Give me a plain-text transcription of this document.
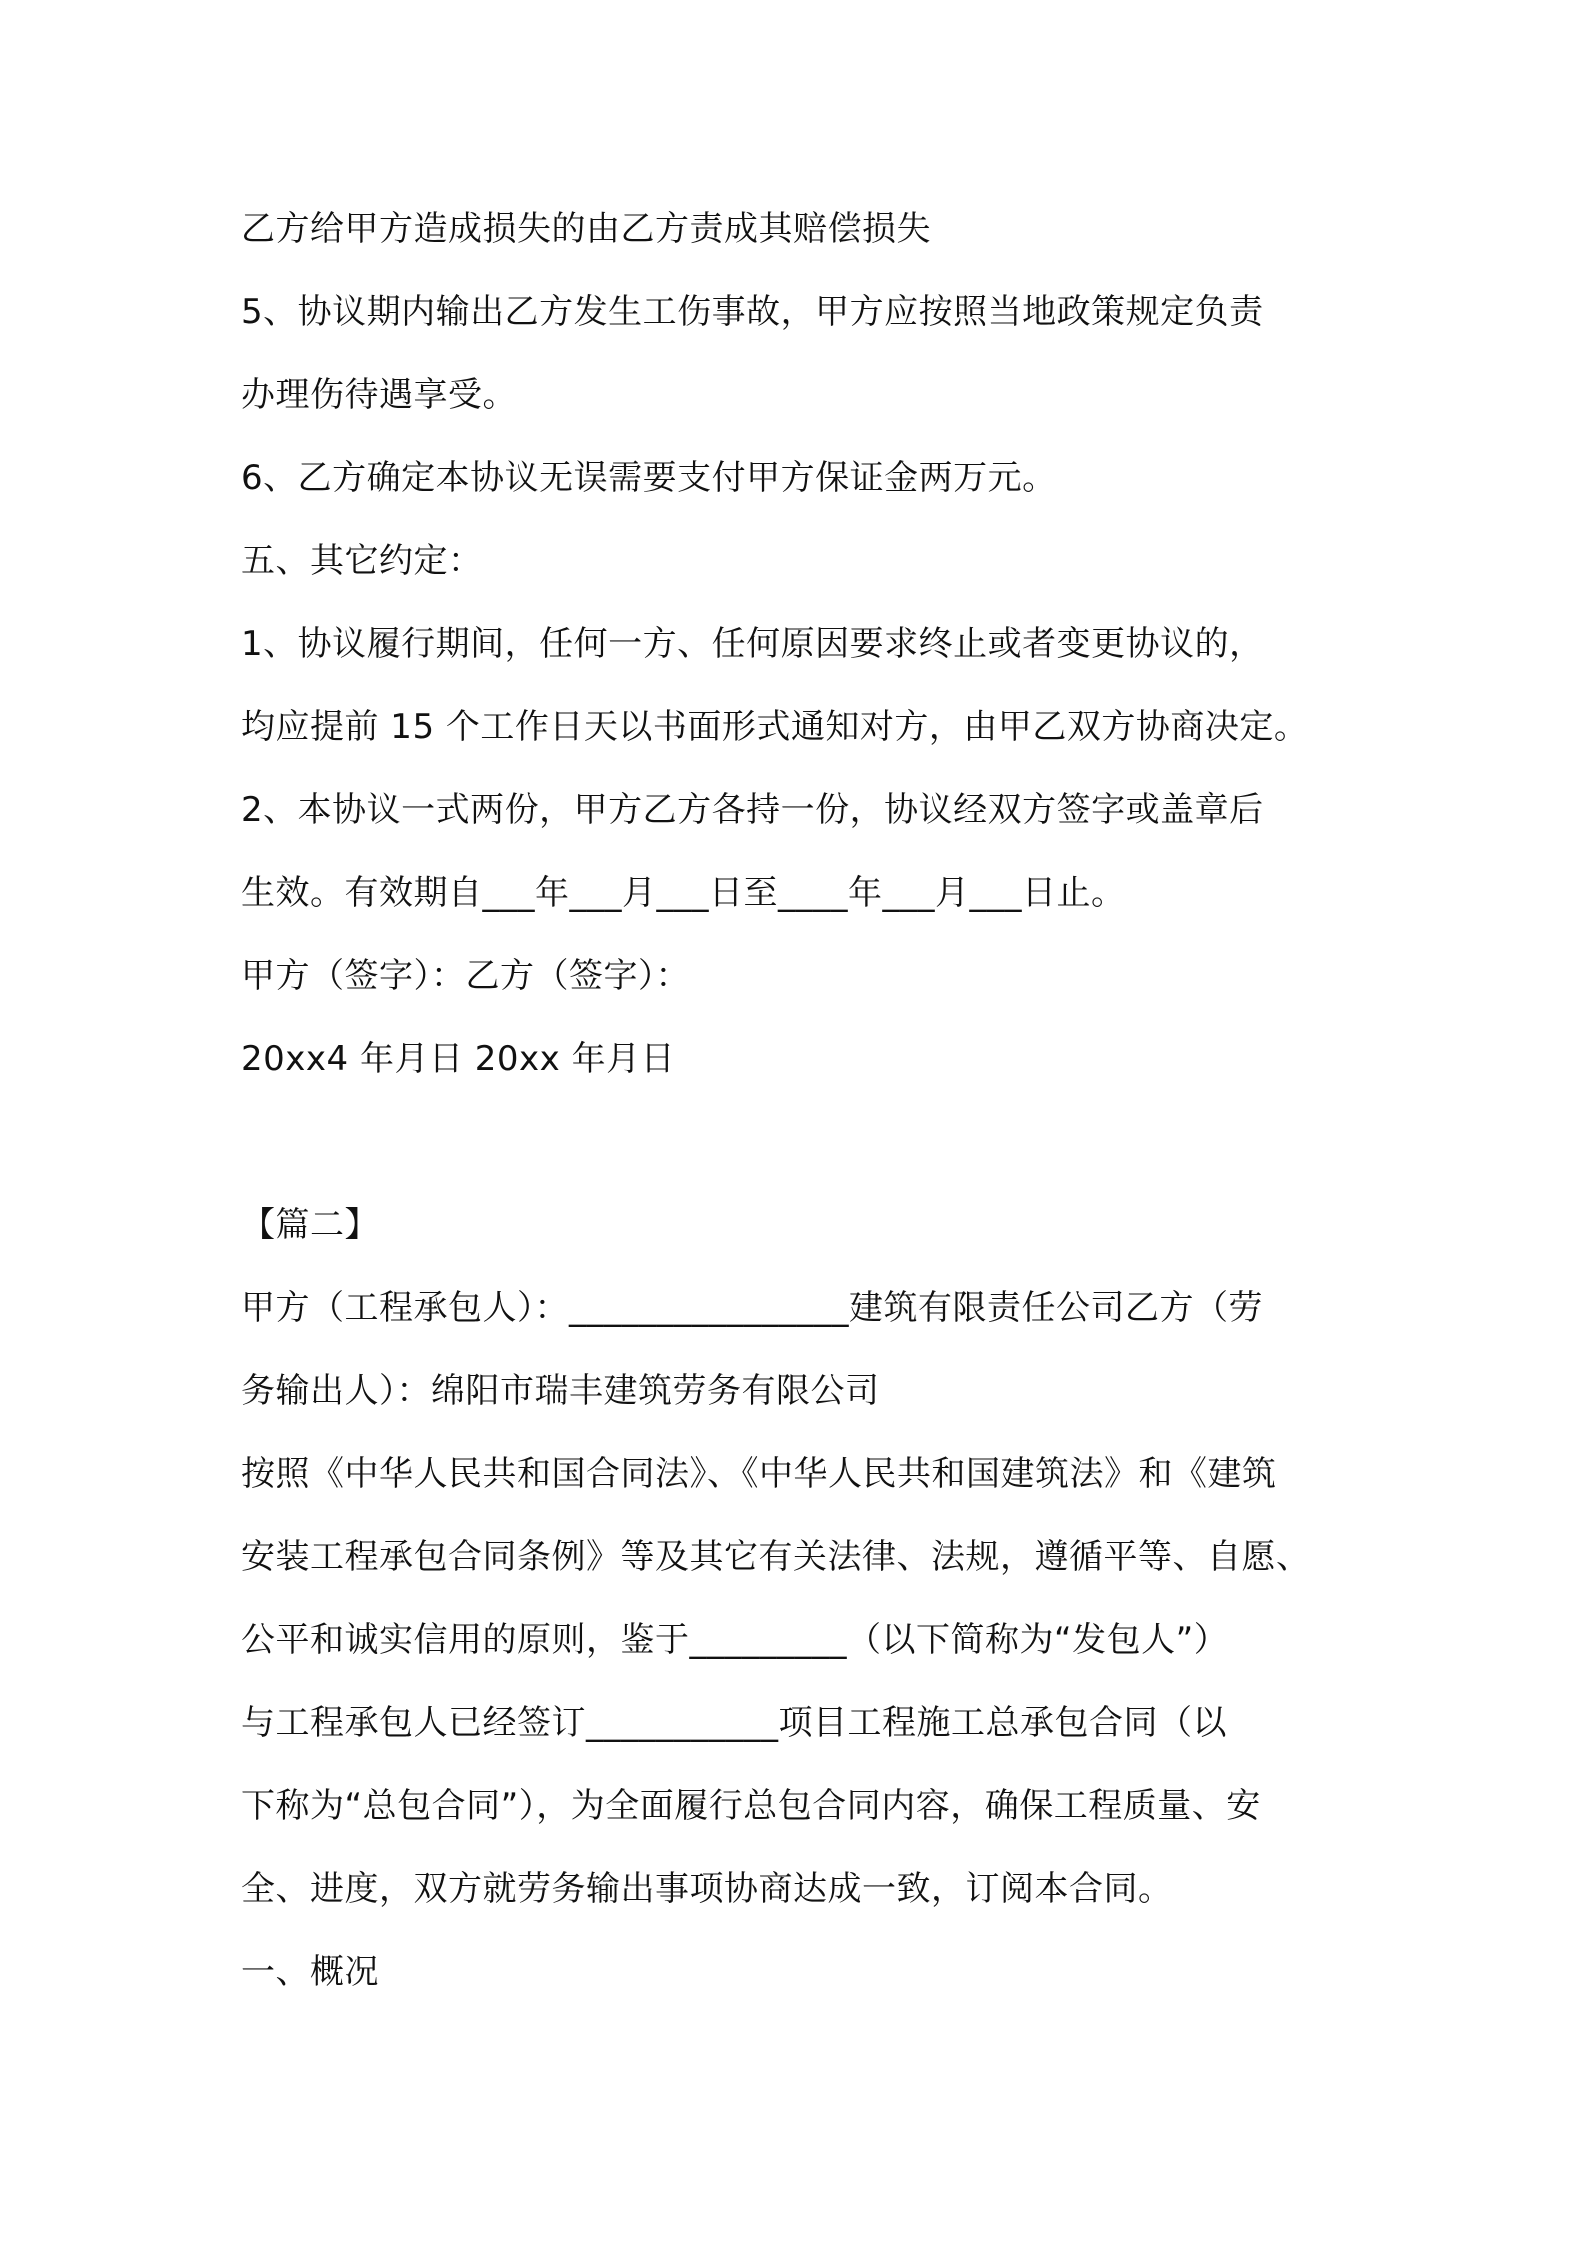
乙方给甲方造成损失的由乙方责成其赔偿损失
5、协议期内输出乙方发生工伤事故，甲方应按照当地政策规定负责
办理伤待遇享受。
6、乙方确定本协议无误需要支付甲方保证金两万元。
五、其它约定：
1、协议履行期间，任何一方、任何原因要求终止或者变更协议的，
均应提前 15 个工作日天以书面形式通知对方，由甲乙双方协商决定。
2、本协议一式两份，甲方乙方各持一份，协议经双方签字或盖章后
生效。有效期自___年___月___日至____年___月___日止。
甲方（签字）：乙方（签字）：
20xx4 年月日 20xx 年月日
【篇二】
甲方（工程承包人）：________________建筑有限责任公司乙方（劳
务输出人）：绵阳市瑞丰建筑劳务有限公司
按照《中华人民共和国合同法》、《中华人民共和国建筑法》和《建筑
安装工程承包合同条例》等及其它有关法律、法规，遵循平等、自愿、
公平和诚实信用的原则，鉴于_________（以下简称为“发包人”）
与工程承包人已经签订___________项目工程施工总承包合同（以
下称为“总包合同”），为全面履行总包合同内容，确保工程质量、安
全、进度，双方就劳务输出事项协商达成一致，订阅本合同。
一、概况
